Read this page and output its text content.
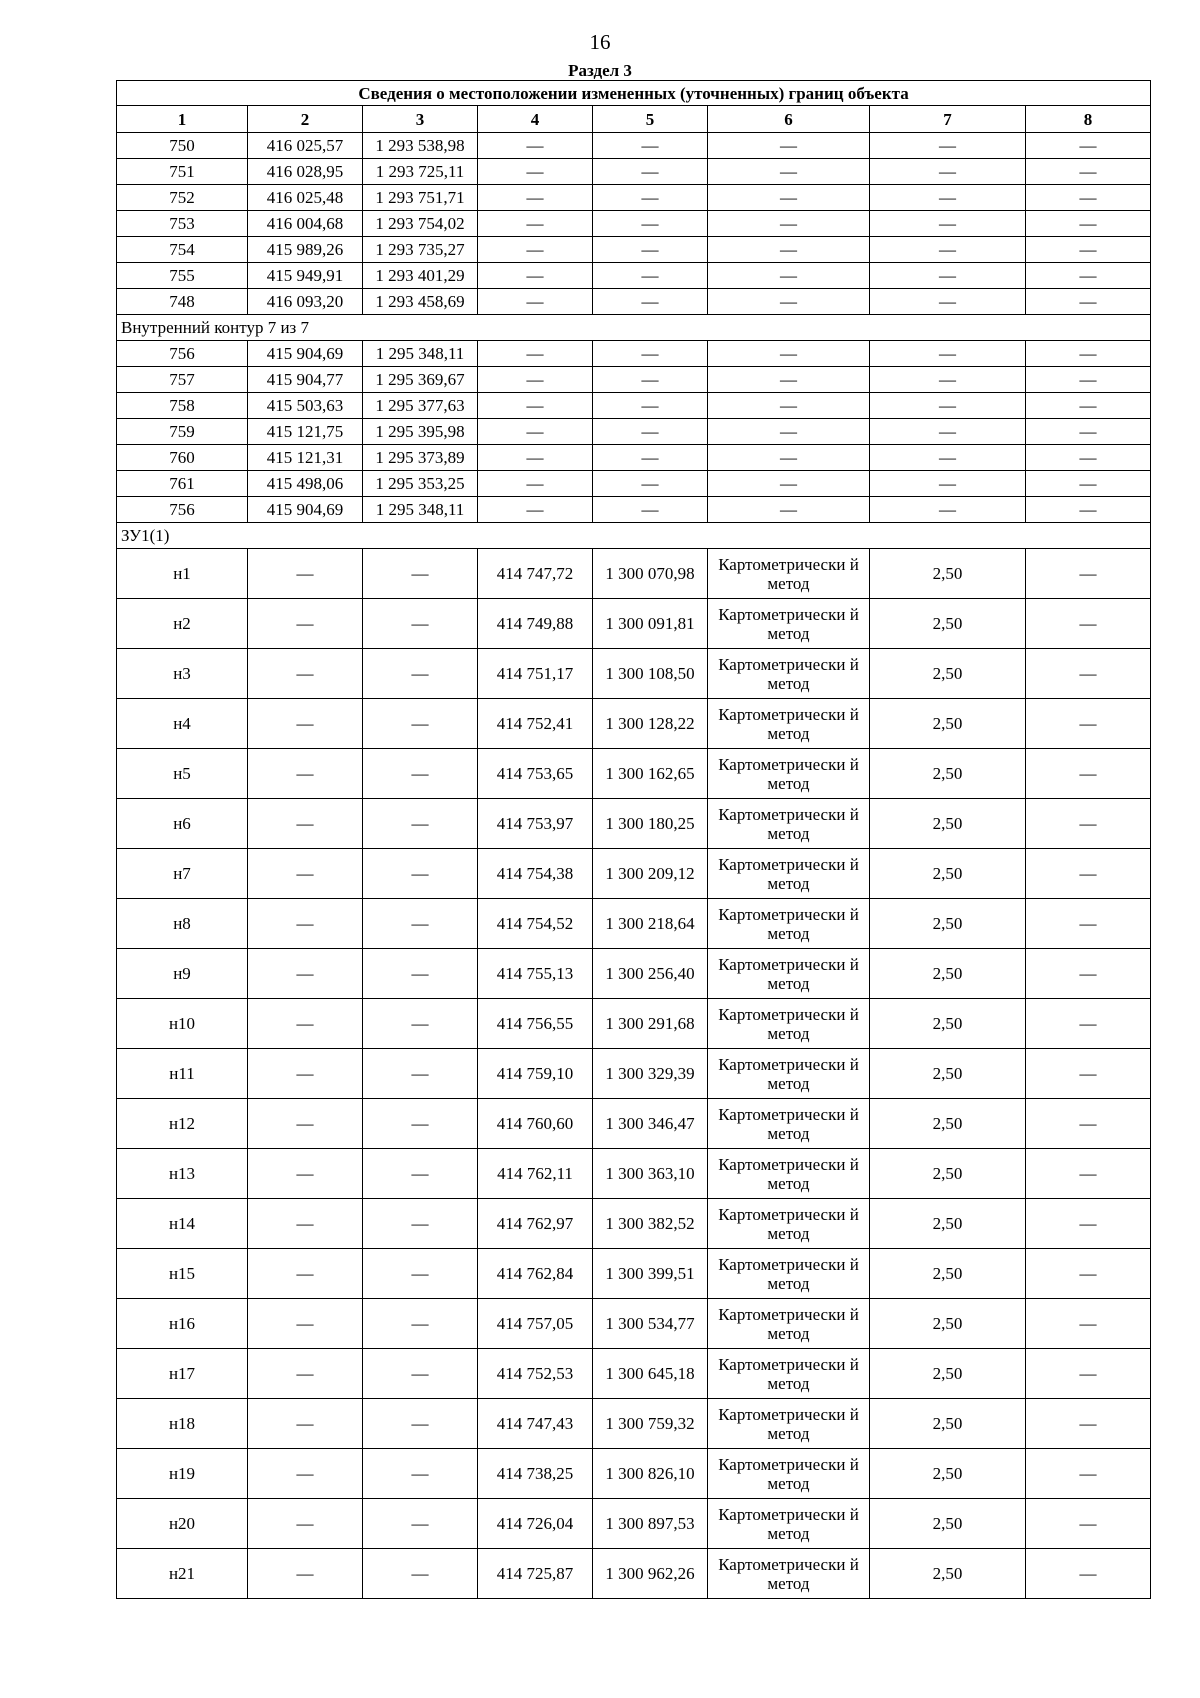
16
Раздел 3
Сведения о местоположении измененных (уточненных) границ объекта							
1	2	3	4	5	6	7	8
750	416 025,57	1 293 538,98	—	—	—	—	—
751	416 028,95	1 293 725,11	—	—	—	—	—
752	416 025,48	1 293 751,71	—	—	—	—	—
753	416 004,68	1 293 754,02	—	—	—	—	—
754	415 989,26	1 293 735,27	—	—	—	—	—
755	415 949,91	1 293 401,29	—	—	—	—	—
748	416 093,20	1 293 458,69	—	—	—	—	—
Внутренний контур 7 из 7							
756	415 904,69	1 295 348,11	—	—	—	—	—
757	415 904,77	1 295 369,67	—	—	—	—	—
758	415 503,63	1 295 377,63	—	—	—	—	—
759	415 121,75	1 295 395,98	—	—	—	—	—
760	415 121,31	1 295 373,89	—	—	—	—	—
761	415 498,06	1 295 353,25	—	—	—	—	—
756	415 904,69	1 295 348,11	—	—	—	—	—
ЗУ1(1)							
н1	—	—	414 747,72	1 300 070,98	Картометрически й метод	2,50	—
н2	—	—	414 749,88	1 300 091,81	Картометрически й метод	2,50	—
н3	—	—	414 751,17	1 300 108,50	Картометрически й метод	2,50	—
н4	—	—	414 752,41	1 300 128,22	Картометрически й метод	2,50	—
н5	—	—	414 753,65	1 300 162,65	Картометрически й метод	2,50	—
н6	—	—	414 753,97	1 300 180,25	Картометрически й метод	2,50	—
н7	—	—	414 754,38	1 300 209,12	Картометрически й метод	2,50	—
н8	—	—	414 754,52	1 300 218,64	Картометрически й метод	2,50	—
н9	—	—	414 755,13	1 300 256,40	Картометрически й метод	2,50	—
н10	—	—	414 756,55	1 300 291,68	Картометрически й метод	2,50	—
н11	—	—	414 759,10	1 300 329,39	Картометрически й метод	2,50	—
н12	—	—	414 760,60	1 300 346,47	Картометрически й метод	2,50	—
н13	—	—	414 762,11	1 300 363,10	Картометрически й метод	2,50	—
н14	—	—	414 762,97	1 300 382,52	Картометрически й метод	2,50	—
н15	—	—	414 762,84	1 300 399,51	Картометрически й метод	2,50	—
н16	—	—	414 757,05	1 300 534,77	Картометрически й метод	2,50	—
н17	—	—	414 752,53	1 300 645,18	Картометрически й метод	2,50	—
н18	—	—	414 747,43	1 300 759,32	Картометрически й метод	2,50	—
н19	—	—	414 738,25	1 300 826,10	Картометрически й метод	2,50	—
н20	—	—	414 726,04	1 300 897,53	Картометрически й метод	2,50	—
н21	—	—	414 725,87	1 300 962,26	Картометрически й метод	2,50	—
